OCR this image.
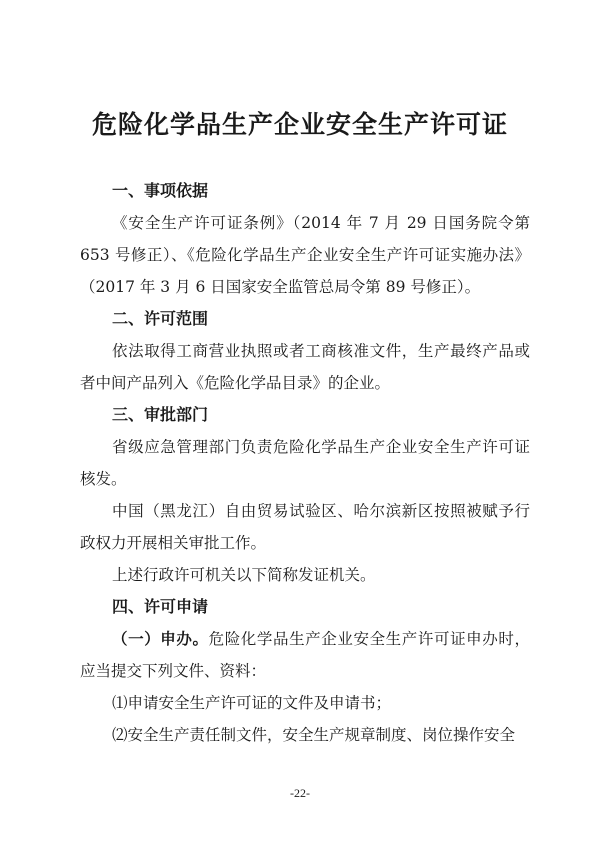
危险化学品生产企业安全生产许可证
一、事项依据

《安全生产许可证条例》（2014 年 7 月 29 日国务院令第 653 号修正）、《危险化学品生产企业安全生产许可证实施办法》（2017 年 3 月 6 日国家安全监管总局令第 89 号修正）。

二、许可范围

依法取得工商营业执照或者工商核准文件，生产最终产品或者中间产品列入《危险化学品目录》的企业。

三、审批部门

省级应急管理部门负责危险化学品生产企业安全生产许可证核发。

中国（黑龙江）自由贸易试验区、哈尔滨新区按照被赋予行政权力开展相关审批工作。

上述行政许可机关以下简称发证机关。

四、许可申请

（一）申办。危险化学品生产企业安全生产许可证申办时，应当提交下列文件、资料：

⑴申请安全生产许可证的文件及申请书；
⑵安全生产责任制文件，安全生产规章制度、岗位操作安全
-22-
